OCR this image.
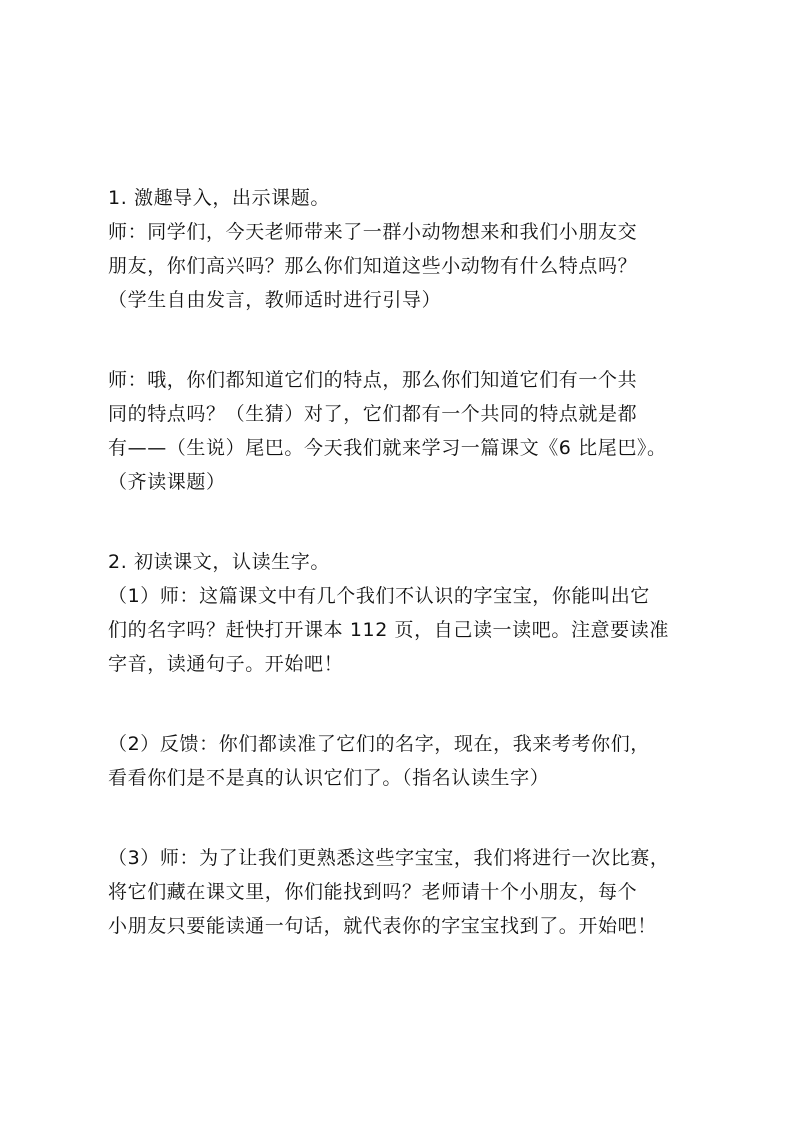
1. 激趣导入，出示课题。
师：同学们，今天老师带来了一群小动物想来和我们小朋友交
朋友，你们高兴吗？那么你们知道这些小动物有什么特点吗？
（学生自由发言，教师适时进行引导）
师：哦，你们都知道它们的特点，那么你们知道它们有一个共
同的特点吗？（生猜）对了，它们都有一个共同的特点就是都
有——（生说）尾巴。今天我们就来学习一篇课文《6 比尾巴》。
（齐读课题）
2. 初读课文，认读生字。
（1）师：这篇课文中有几个我们不认识的字宝宝，你能叫出它
们的名字吗？赶快打开课本 112 页，自己读一读吧。注意要读准
字音，读通句子。开始吧！
（2）反馈：你们都读准了它们的名字，现在，我来考考你们，
看看你们是不是真的认识它们了。（指名认读生字）
（3）师：为了让我们更熟悉这些字宝宝，我们将进行一次比赛，
将它们藏在课文里，你们能找到吗？老师请十个小朋友，每个
小朋友只要能读通一句话，就代表你的字宝宝找到了。开始吧！
